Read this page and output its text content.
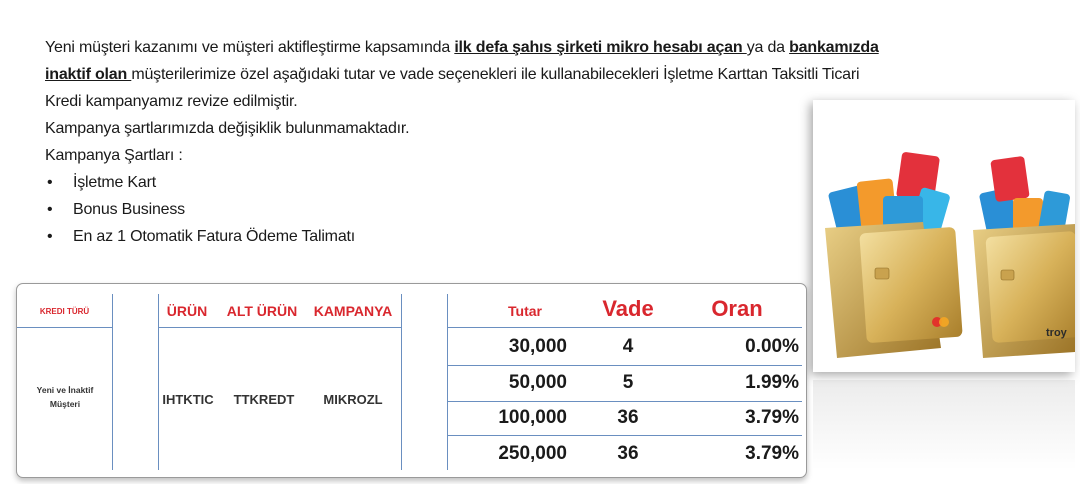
Yeni müşteri kazanımı ve müşteri aktifleştirme kapsamında ilk defa şahıs şirketi mikro hesabı açan ya da bankamızda

inaktif olan müşterilerimize özel aşağıdaki tutar ve vade seçenekleri ile kullanabilecekleri İşletme Karttan Taksitli Ticari

Kredi kampanyamız revize edilmiştir.

Kampanya şartlarımızda değişiklik bulunmamaktadır.

Kampanya Şartları :

• İşletme Kart
• Bonus Business
• En az 1 Otomatik Fatura Ödeme Talimatı
troy
KREDI TÜRÜ	ÜRÜN	ALT ÜRÜN	KAMPANYA	Tutar	Vade	Oran
Yeni ve İnaktif Müşteri	IHTKTIC	TTKREDT	MIKROZL
30,000	4	0.00%
50,000	5	1.99%
100,000	36	3.79%
250,000	36	3.79%
